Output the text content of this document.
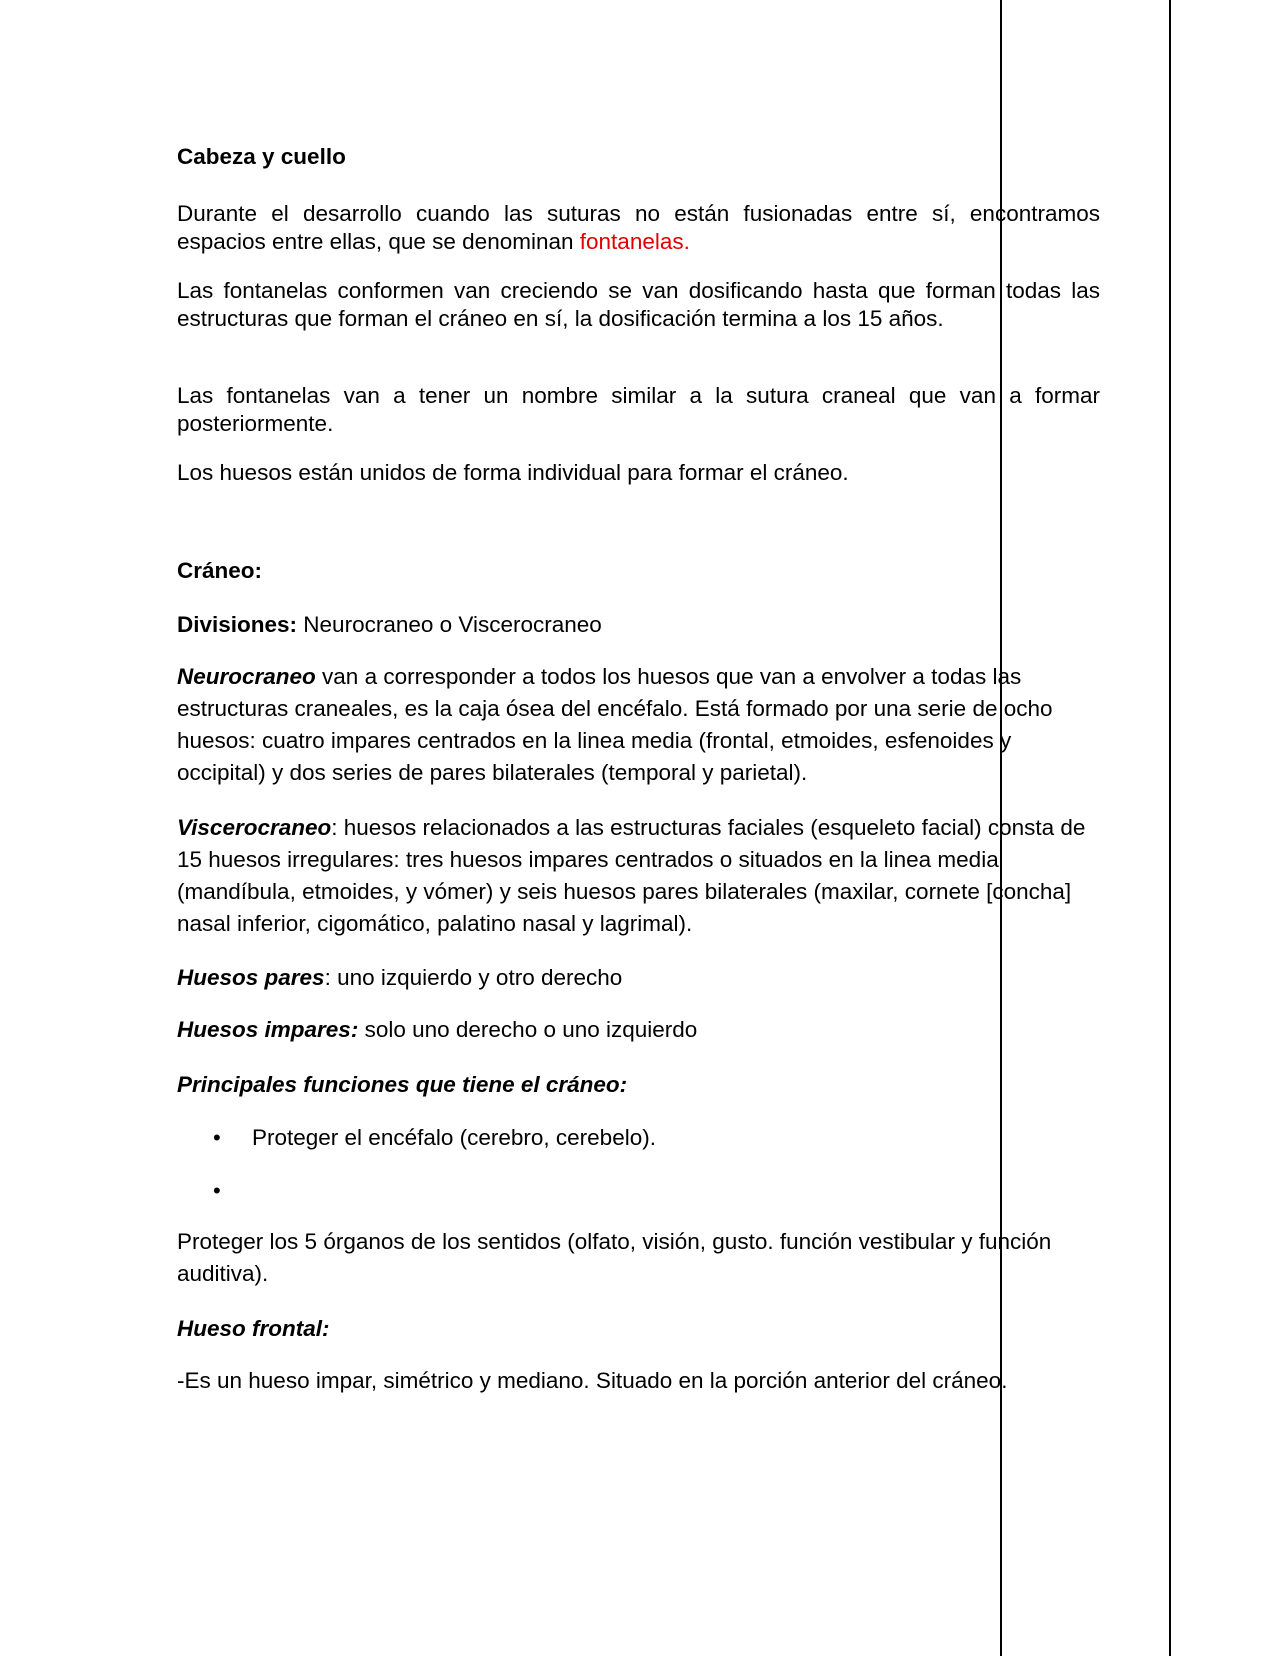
Cabeza y cuello

Durante el desarrollo cuando las suturas no están fusionadas entre sí, encontramos espacios entre ellas, que se denominan fontanelas.

Las fontanelas conformen van creciendo se van dosificando hasta que forman todas las estructuras que forman el cráneo en sí, la dosificación termina a los 15 años.

Las fontanelas van a tener un nombre similar a la sutura craneal que van a formar posteriormente.

Los huesos están unidos de forma individual para formar el cráneo.

Cráneo:

Divisiones: Neurocraneo o Viscerocraneo

Neurocraneo van a corresponder a todos los huesos que van a envolver a todas las estructuras craneales, es la caja ósea del encéfalo. Está formado por una serie de ocho huesos: cuatro impares centrados en la linea media (frontal, etmoides, esfenoides y occipital) y dos series de pares bilaterales (temporal y parietal).

Viscerocraneo: huesos relacionados a las estructuras faciales (esqueleto facial) consta de 15 huesos irregulares: tres huesos impares centrados o situados en la linea media (mandíbula, etmoides, y vómer) y seis huesos pares bilaterales (maxilar, cornete [concha] nasal inferior, cigomático, palatino nasal y lagrimal).

Huesos pares: uno izquierdo y otro derecho

Huesos impares: solo uno derecho o uno izquierdo

Principales funciones que tiene el cráneo:

• Proteger el encéfalo (cerebro, cerebelo).
•

Proteger los 5 órganos de los sentidos (olfato, visión, gusto. función vestibular y función auditiva).

Hueso frontal:

-Es un hueso impar, simétrico y mediano. Situado en la porción anterior del cráneo.
